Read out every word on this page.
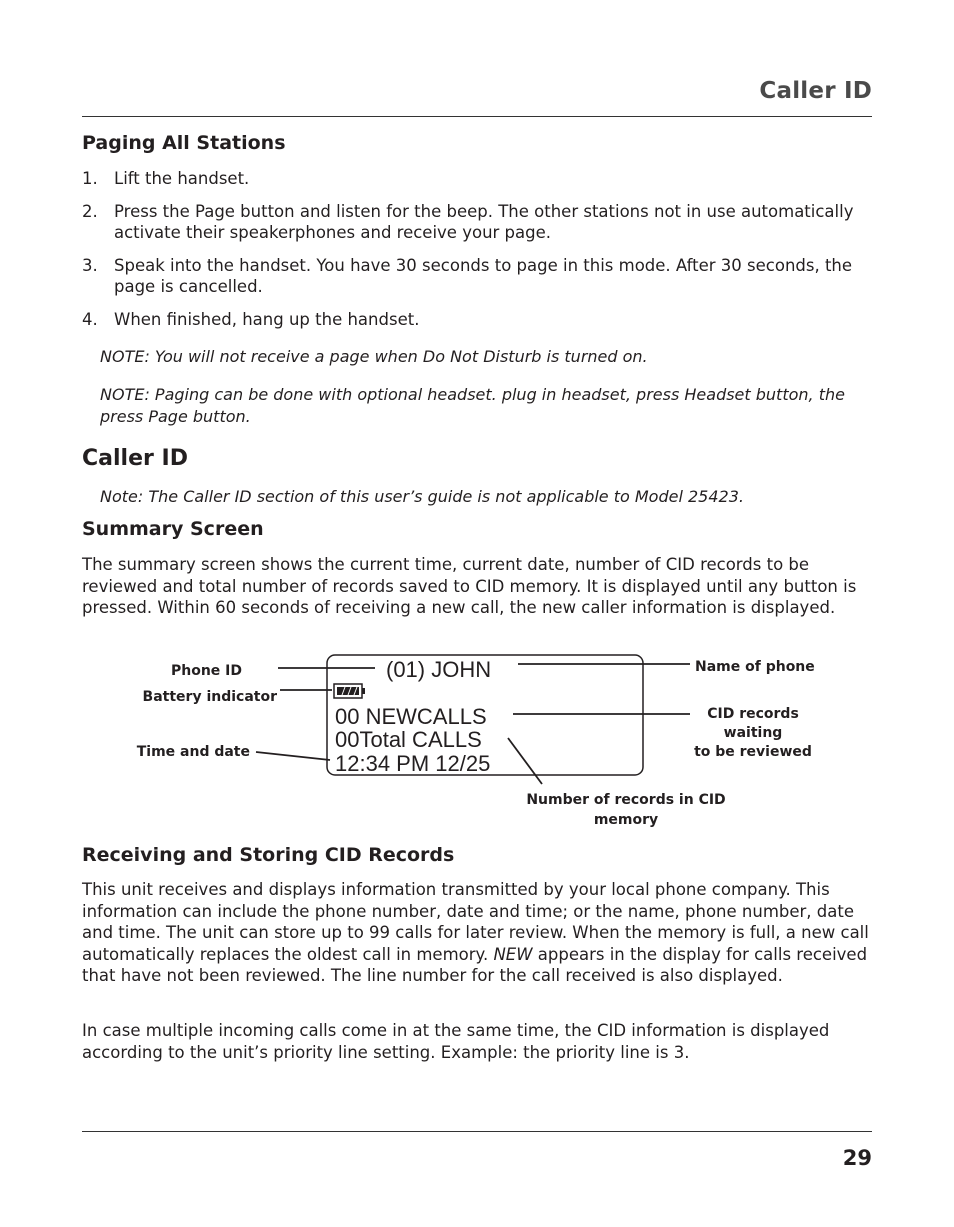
Caller ID
Paging All Stations
1. Lift the handset.
2. Press the Page button and listen for the beep. The other stations not in use automatically activate their speakerphones and receive your page.
3. Speak into the handset. You have 30 seconds to page in this mode. After 30 seconds, the page is cancelled.
4. When finished, hang up the handset.
NOTE: You will not receive a page when Do Not Disturb is turned on.
NOTE: Paging can be done with optional headset. plug in headset, press Headset button, the press Page button.
Caller ID
Note: The Caller ID section of this user’s guide is not applicable to Model 25423.
Summary Screen
The summary screen shows the current time, current date, number of CID records to be reviewed and total number of records saved to CID memory. It is displayed until any button is pressed. Within 60 seconds of receiving a new call, the new caller information is displayed.
(01) JOHN
00 NEWCALLS
00Total CALLS
12:34 PM 12/25
Phone ID
Battery indicator
Time and date
Name of phone
CID records
waiting
to be reviewed
Number of records in CID
memory
Receiving and Storing CID Records
This unit receives and displays information transmitted by your local phone company. This information can include the phone number, date and time; or the name, phone number, date and time. The unit can store up to 99 calls for later review. When the memory is full, a new call automatically replaces the oldest call in memory. NEW appears in the display for calls received that have not been reviewed. The line number for the call received is also displayed.
In case multiple incoming calls come in at the same time, the CID information is displayed according to the unit’s priority line setting. Example: the priority line is 3.
29
